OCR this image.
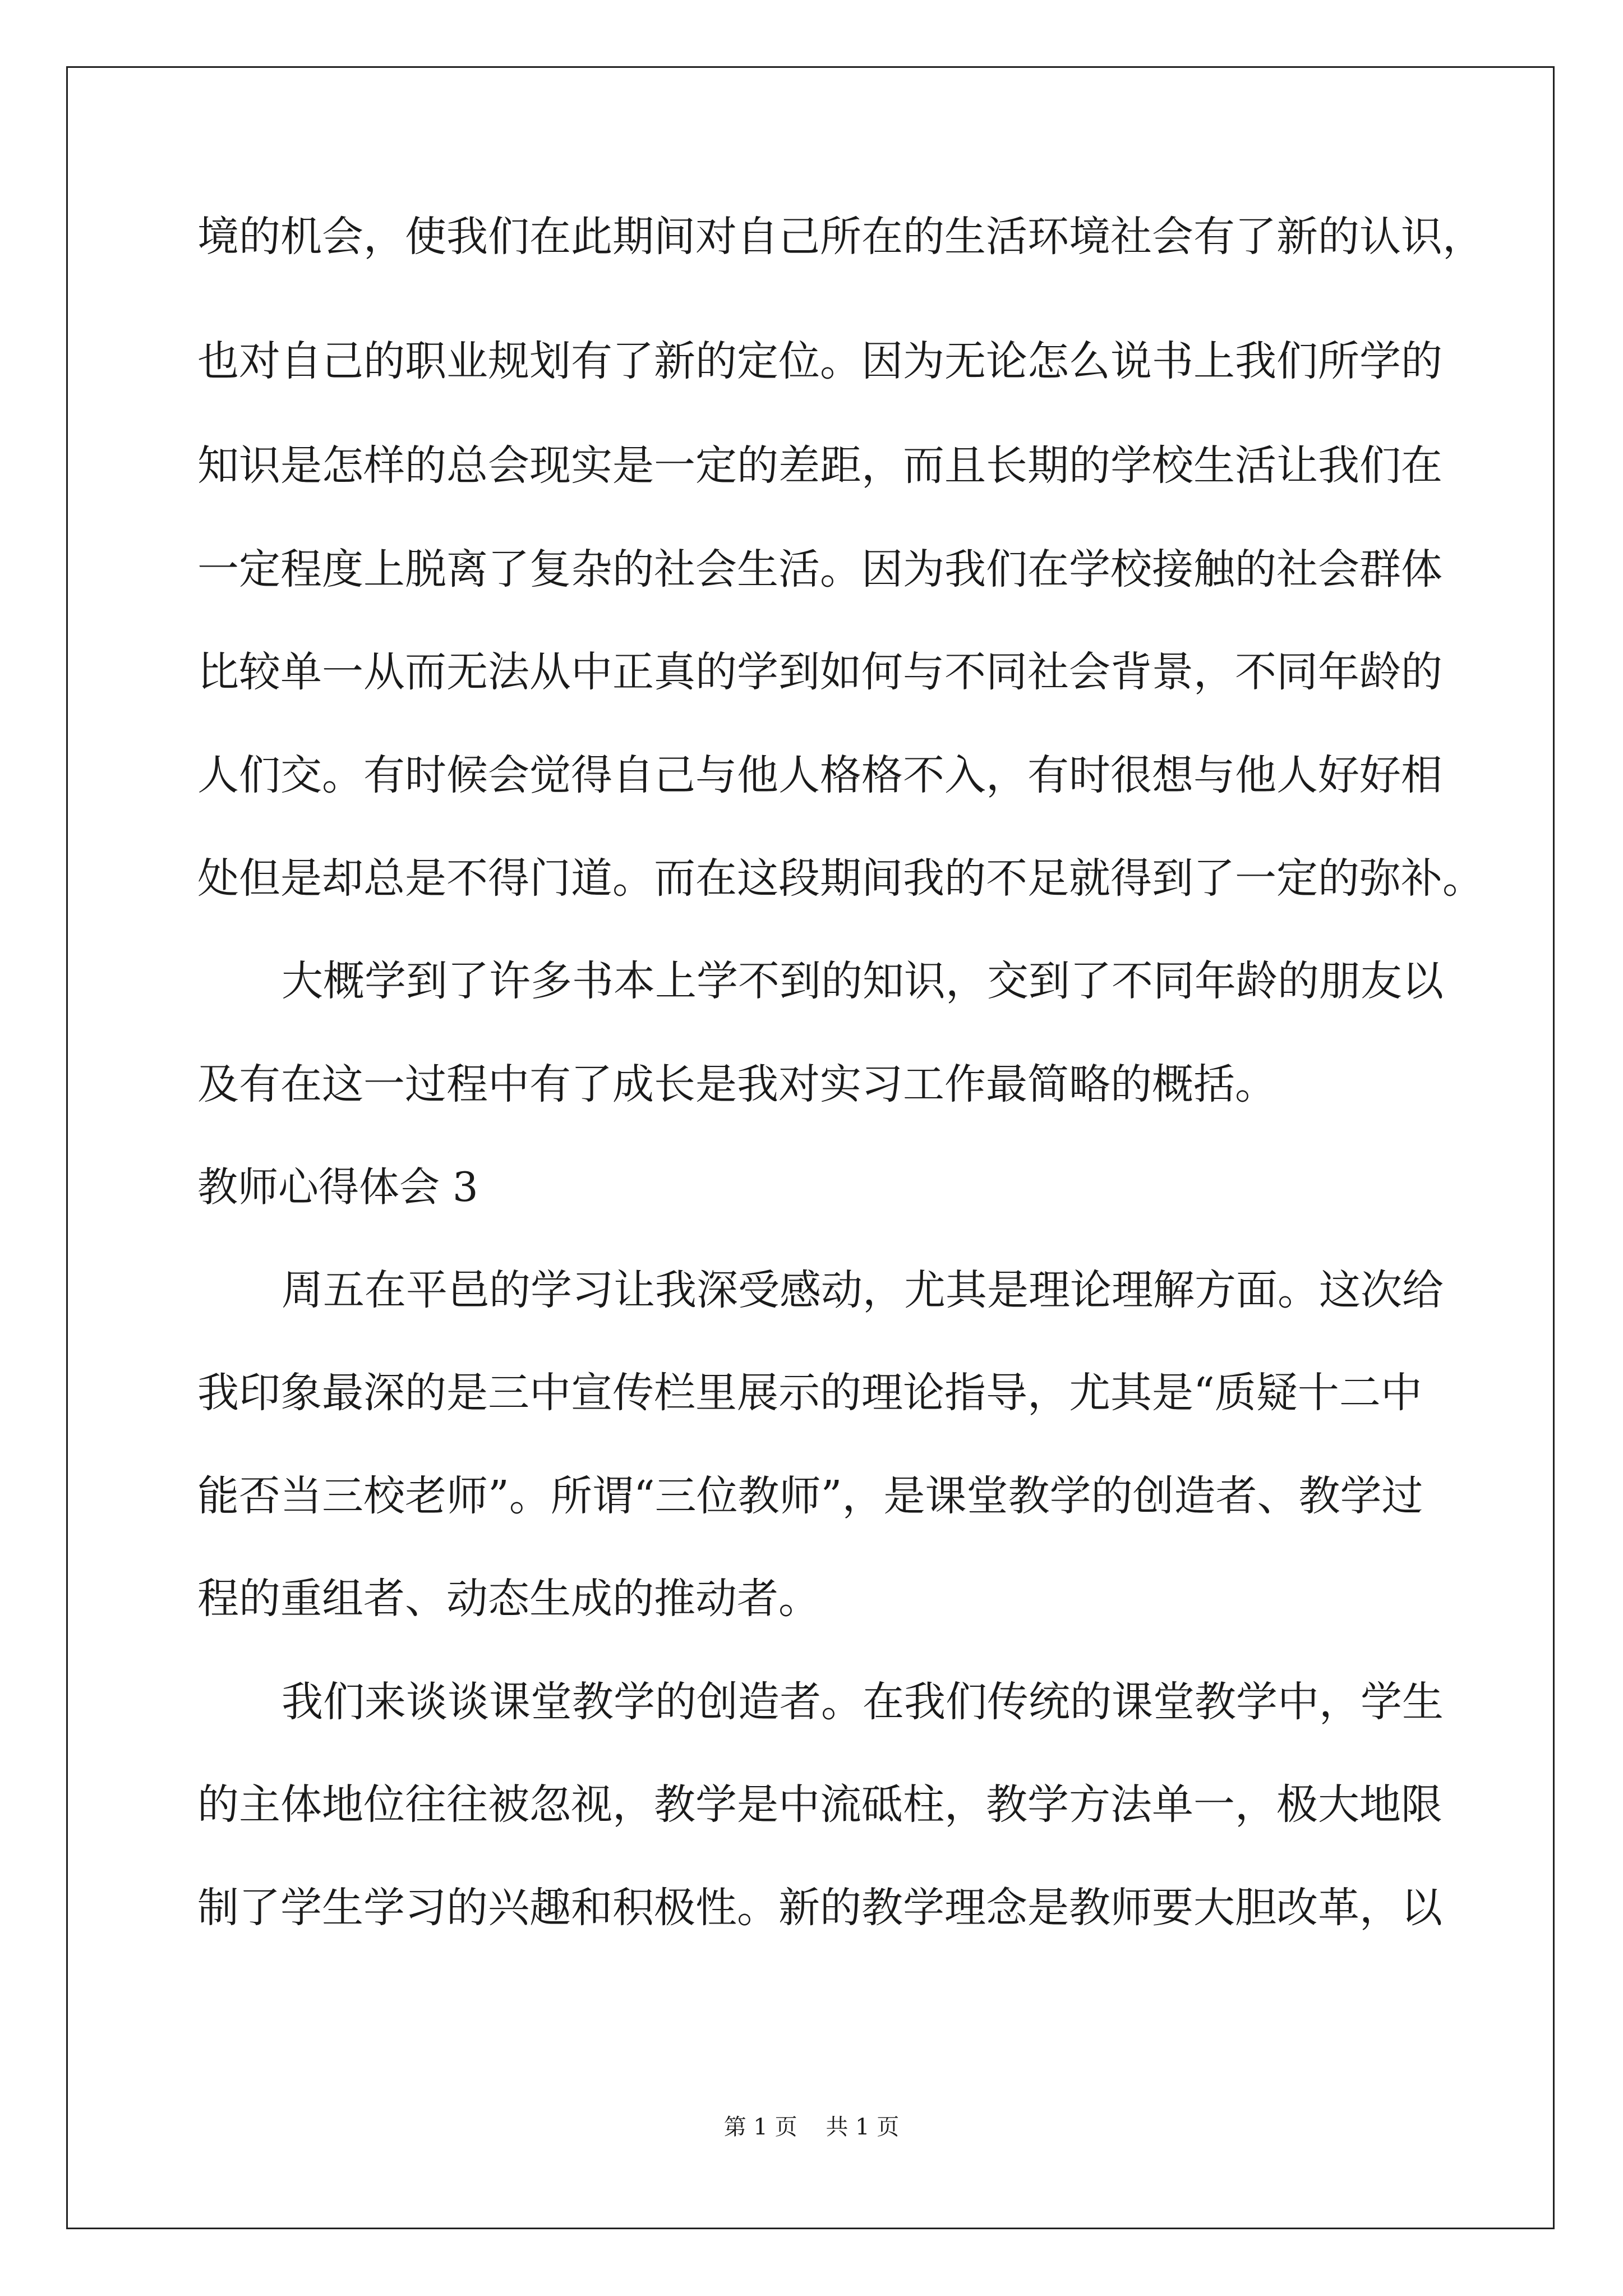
境的机会，使我们在此期间对自己所在的生活环境社会有了新的认识，
也对自己的职业规划有了新的定位。因为无论怎么说书上我们所学的
知识是怎样的总会现实是一定的差距，而且长期的学校生活让我们在
一定程度上脱离了复杂的社会生活。因为我们在学校接触的社会群体
比较单一从而无法从中正真的学到如何与不同社会背景，不同年龄的
人们交。有时候会觉得自己与他人格格不入，有时很想与他人好好相
处但是却总是不得门道。而在这段期间我的不足就得到了一定的弥补。
大概学到了许多书本上学不到的知识，交到了不同年龄的朋友以
及有在这一过程中有了成长是我对实习工作最简略的概括。
教师心得体会 3
周五在平邑的学习让我深受感动，尤其是理论理解方面。这次给
我印象最深的是三中宣传栏里展示的理论指导，尤其是“质疑十二中
能否当三校老师”。所谓“三位教师”，是课堂教学的创造者、教学过
程的重组者、动态生成的推动者。
我们来谈谈课堂教学的创造者。在我们传统的课堂教学中，学生
的主体地位往往被忽视，教学是中流砥柱，教学方法单一，极大地限
制了学生学习的兴趣和积极性。新的教学理念是教师要大胆改革，以
第 1 页    共 1 页
